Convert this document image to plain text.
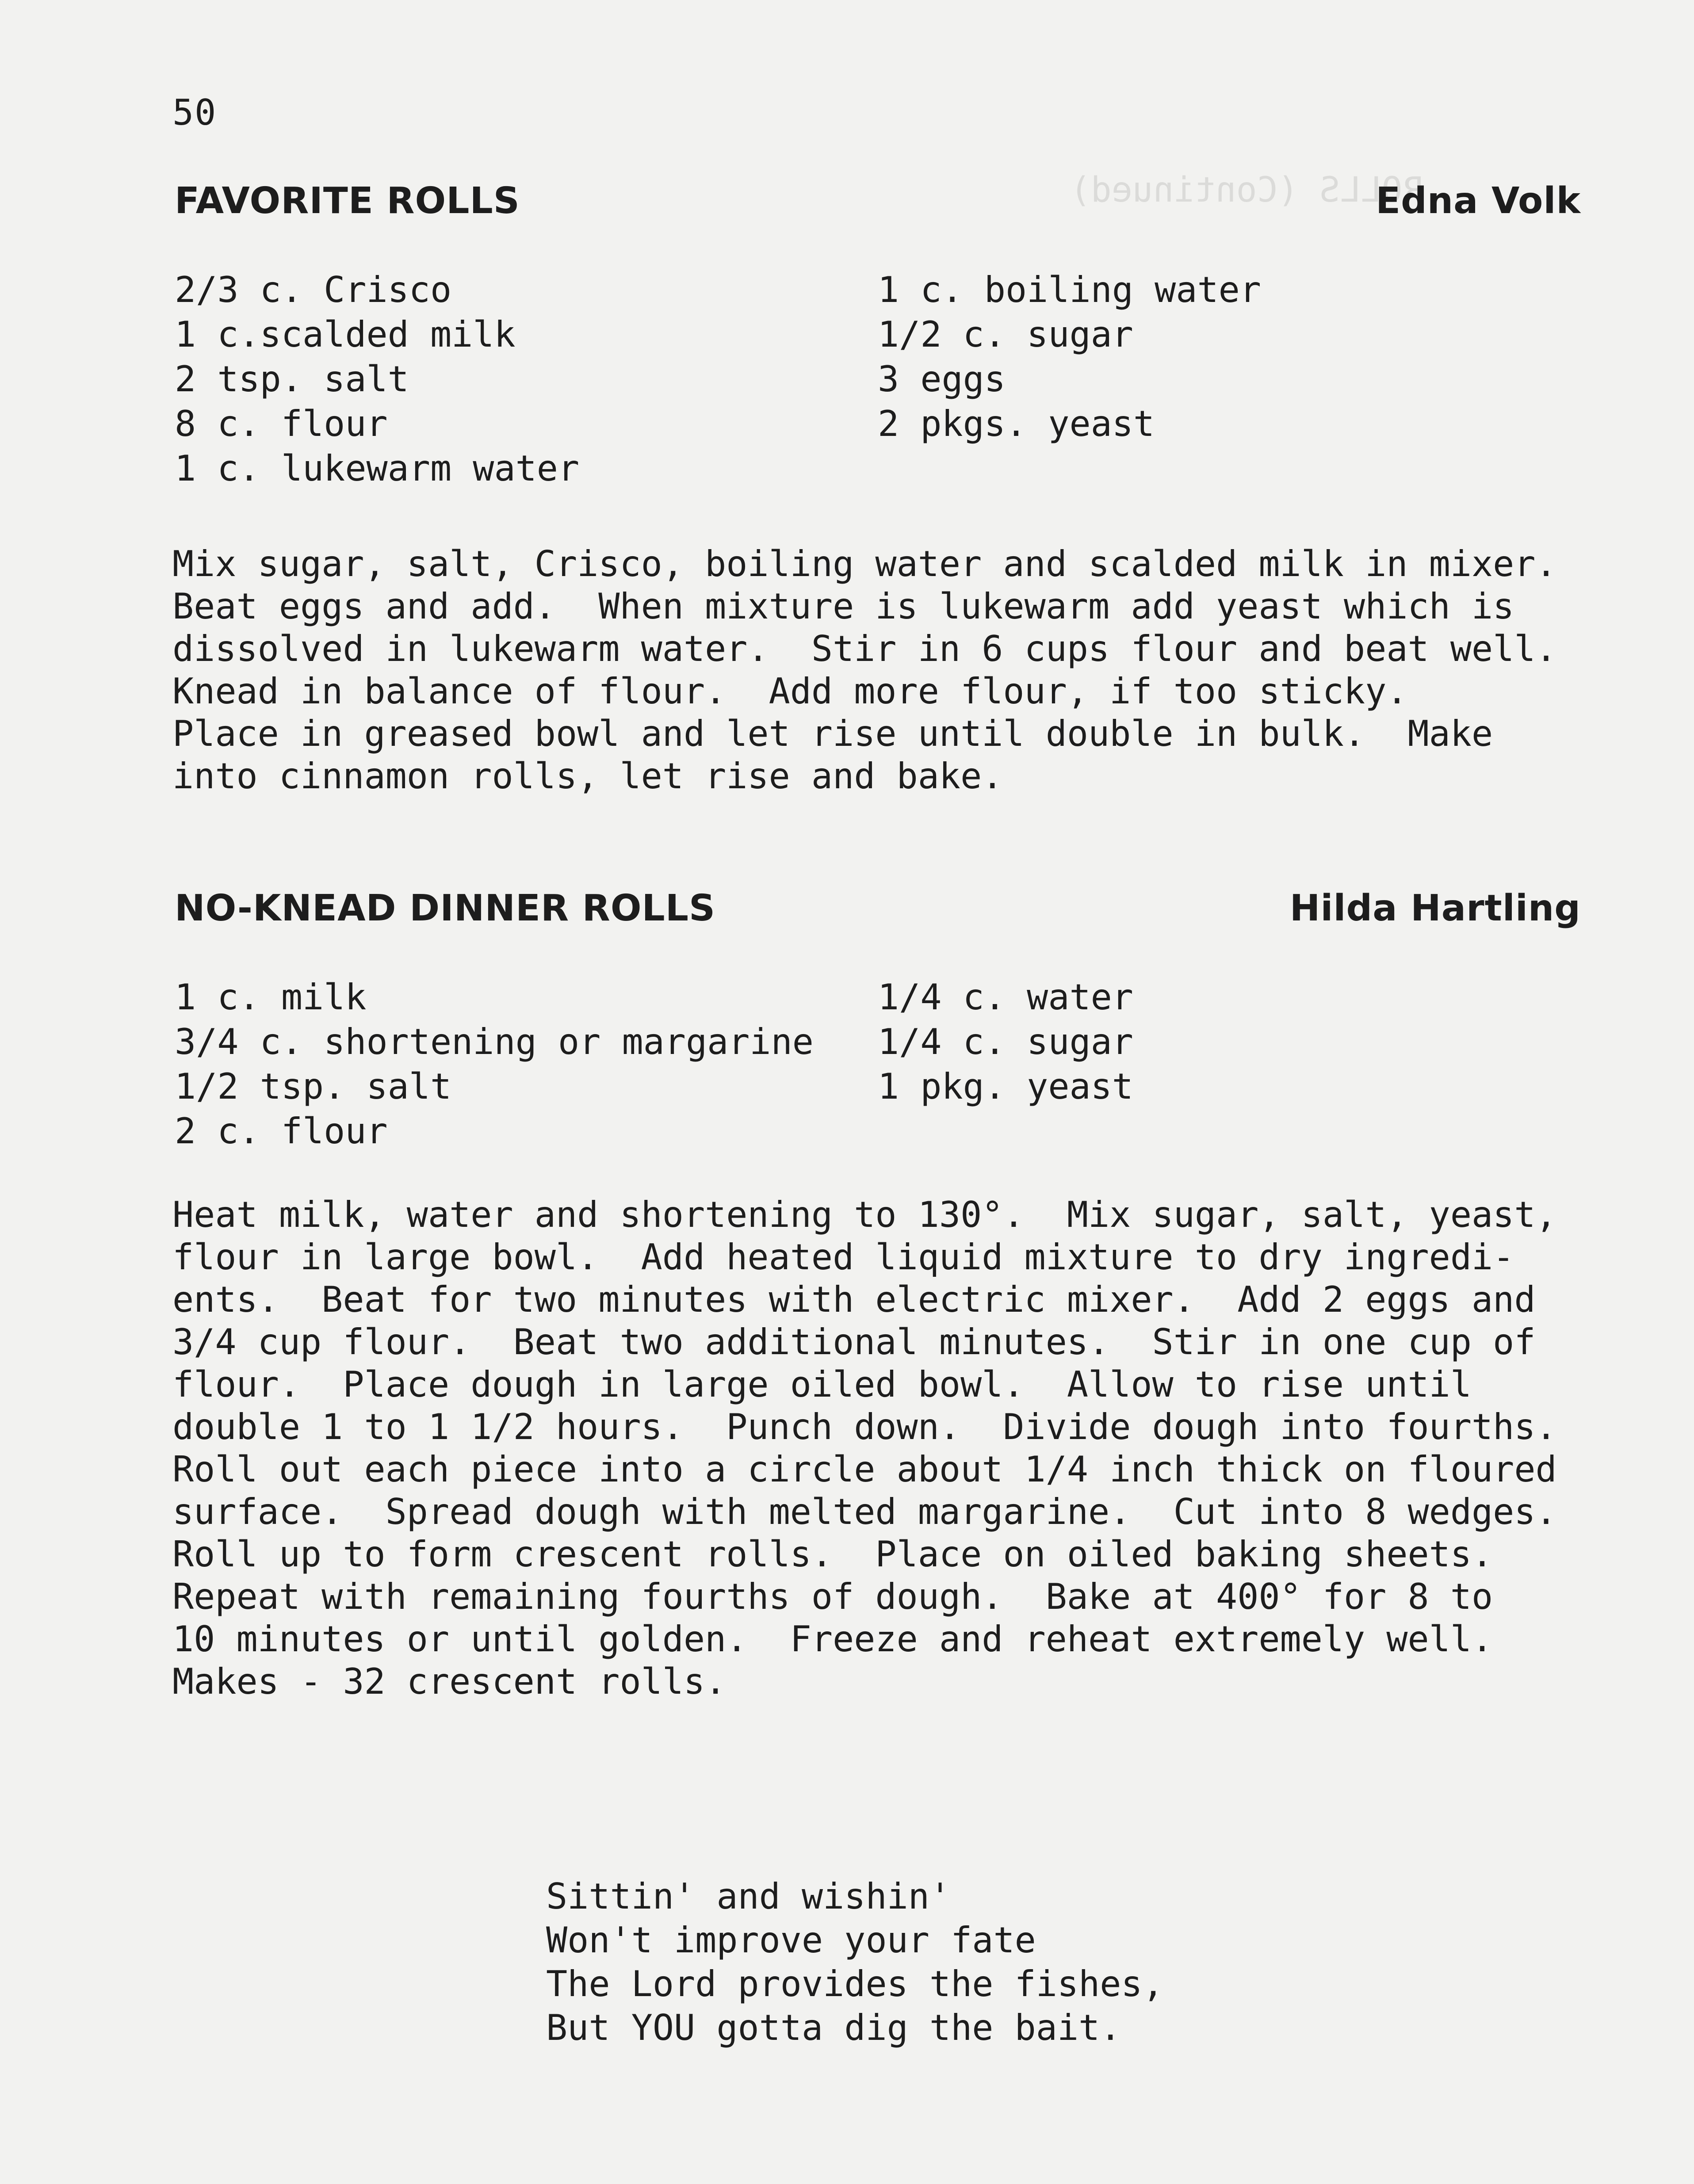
ROLLS (Continued)
50
FAVORITE ROLLS	Edna Volk
2/3 c. Crisco
1 c.scalded milk
2 tsp. salt
8 c. flour
1 c. lukewarm water
1 c. boiling water
1/2 c. sugar
3 eggs
2 pkgs. yeast
Mix sugar, salt, Crisco, boiling water and scalded milk in mixer.
Beat eggs and add.  When mixture is lukewarm add yeast which is
dissolved in lukewarm water.  Stir in 6 cups flour and beat well.
Knead in balance of flour.  Add more flour, if too sticky.
Place in greased bowl and let rise until double in bulk.  Make
into cinnamon rolls, let rise and bake.
NO-KNEAD DINNER ROLLS	Hilda Hartling
1 c. milk
3/4 c. shortening or margarine
1/2 tsp. salt
2 c. flour
1/4 c. water
1/4 c. sugar
1 pkg. yeast
Heat milk, water and shortening to 130°.  Mix sugar, salt, yeast,
flour in large bowl.  Add heated liquid mixture to dry ingredi-
ents.  Beat for two minutes with electric mixer.  Add 2 eggs and
3/4 cup flour.  Beat two additional minutes.  Stir in one cup of
flour.  Place dough in large oiled bowl.  Allow to rise until
double 1 to 1 1/2 hours.  Punch down.  Divide dough into fourths.
Roll out each piece into a circle about 1/4 inch thick on floured
surface.  Spread dough with melted margarine.  Cut into 8 wedges.
Roll up to form crescent rolls.  Place on oiled baking sheets.
Repeat with remaining fourths of dough.  Bake at 400° for 8 to
10 minutes or until golden.  Freeze and reheat extremely well.
Makes - 32 crescent rolls.
Sittin' and wishin'
Won't improve your fate
The Lord provides the fishes,
But YOU gotta dig the bait.
